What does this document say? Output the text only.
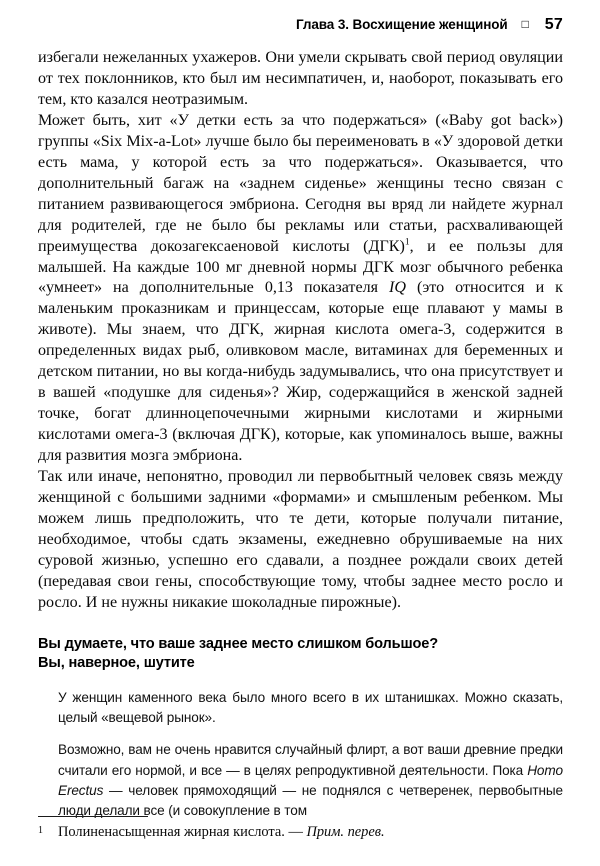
Глава 3. Восхищение женщиной □ 57

избегали нежеланных ухажеров. Они умели скрывать свой период овуляции от тех поклонников, кто был им несимпатичен, и, наоборот, показывать его тем, кто казался неотразимым.

Может быть, хит «У детки есть за что подержаться» («Baby got back») группы «Six Mix-a-Lot» лучше было бы переименовать в «У здоровой детки есть мама, у которой есть за что подержаться». Оказывается, что дополнительный багаж на «заднем сиденье» женщины тесно связан с питанием развивающегося эмбриона. Сегодня вы вряд ли найдете журнал для родителей, где не было бы рекламы или статьи, расхваливающей преимущества докозагексаеновой кислоты (ДГК)$^1$, и ее пользы для малышей. На каждые 100 мг дневной нормы ДГК мозг обычного ребенка «умнеет» на дополнительные 0,13 показателя IQ (это относится и к маленьким проказникам и принцессам, которые еще плавают у мамы в животе). Мы знаем, что ДГК, жирная кислота омега-3, содержится в определенных видах рыб, оливковом масле, витаминах для беременных и детском питании, но вы когда-нибудь задумывались, что она присутствует и в вашей «подушке для сиденья»? Жир, содержащийся в женской задней точке, богат длинноцепочечными жирными кислотами и жирными кислотами омега-3 (включая ДГК), которые, как упоминалось выше, важны для развития мозга эмбриона.

Так или иначе, непонятно, проводил ли первобытный человек связь между женщиной с большими задними «формами» и смышленым ребенком. Мы можем лишь предположить, что те дети, которые получали питание, необходимое, чтобы сдать экзамены, ежедневно обрушиваемые на них суровой жизнью, успешно его сдавали, а позднее рождали своих детей (передавая свои гены, способствующие тому, чтобы заднее место росло и росло. И не нужны никакие шоколадные пирожные).

Вы думаете, что ваше заднее место слишком большое?
Вы, наверное, шутите

У женщин каменного века было много всего в их штанишках. Можно сказать, целый «вещевой рынок».

Возможно, вам не очень нравится случайный флирт, а вот ваши древние предки считали его нормой, и все — в целях репродуктивной деятельности. Пока Homo Erectus — человек прямоходящий — не поднялся с четверенек, первобытные люди делали все (и совокупление в том

1 Полиненасыщенная жирная кислота. — Прим. перев.
